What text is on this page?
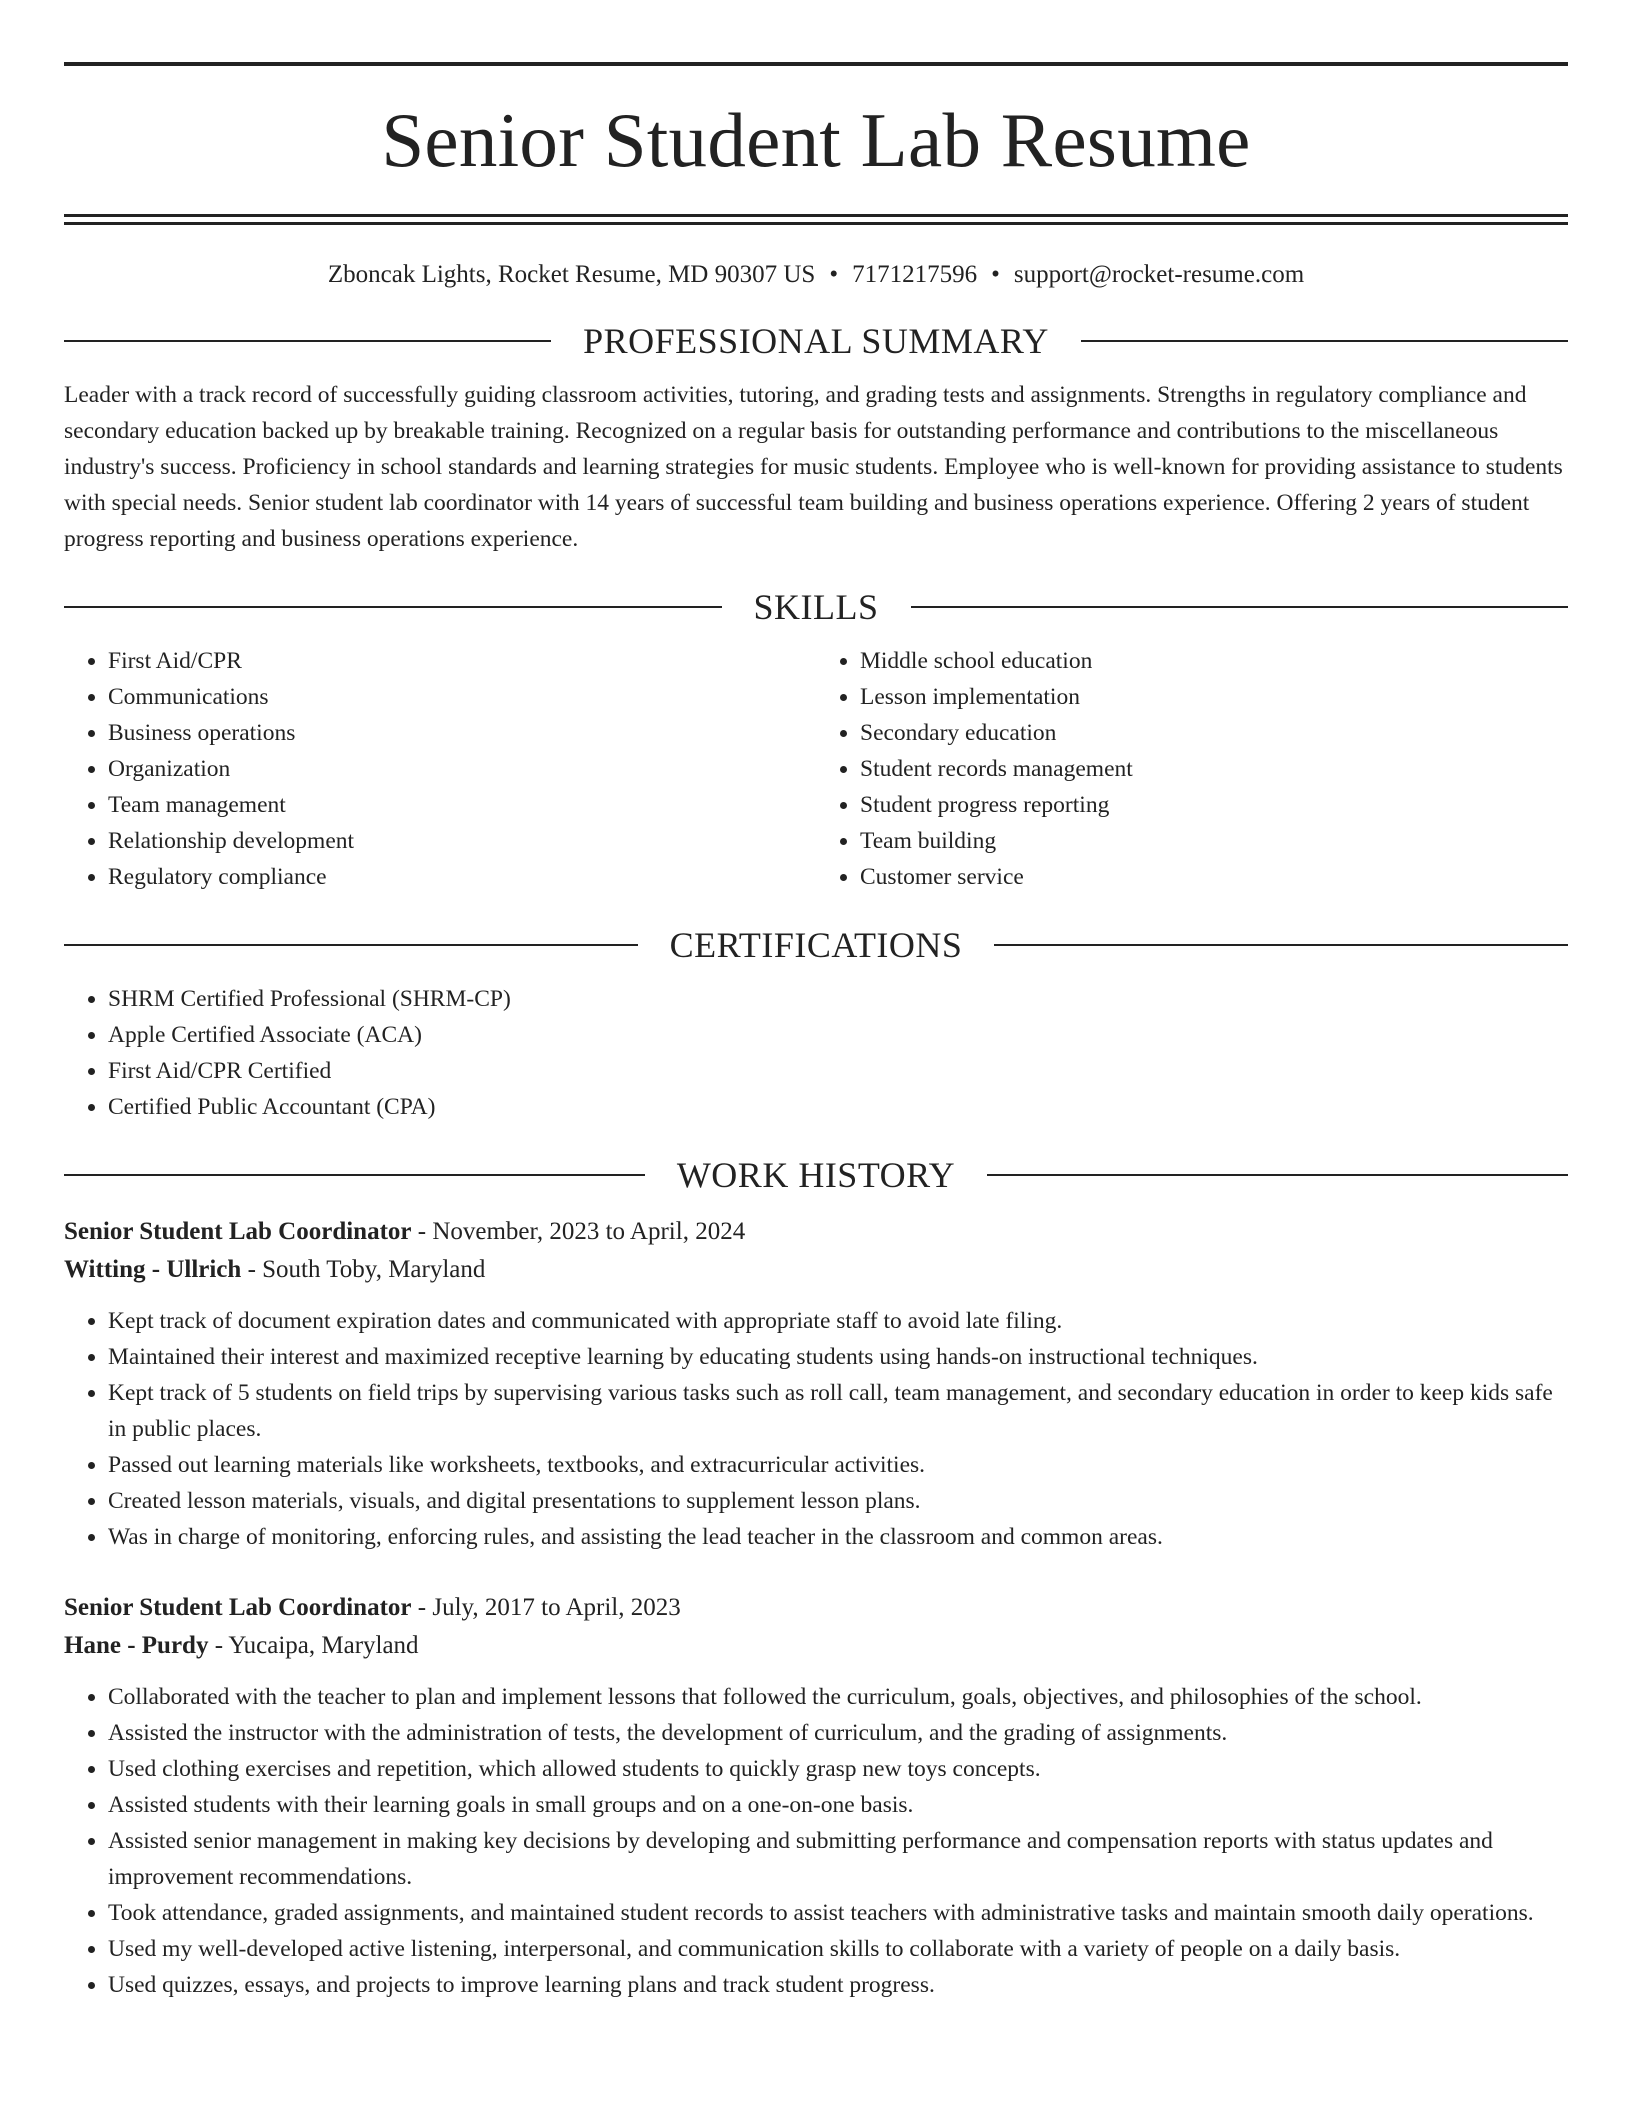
Senior Student Lab Resume
Zboncak Lights, Rocket Resume, MD 90307 US • 7171217596 • support@rocket-resume.com
PROFESSIONAL SUMMARY

Leader with a track record of successfully guiding classroom activities, tutoring, and grading tests and assignments. Strengths in regulatory compliance and secondary education backed up by breakable training. Recognized on a regular basis for outstanding performance and contributions to the miscellaneous industry's success. Proficiency in school standards and learning strategies for music students. Employee who is well-known for providing assistance to students with special needs. Senior student lab coordinator with 14 years of successful team building and business operations experience. Offering 2 years of student progress reporting and business operations experience.

SKILLS
• First Aid/CPR
• Communications
• Business operations
• Organization
• Team management
• Relationship development
• Regulatory compliance
• Middle school education
• Lesson implementation
• Secondary education
• Student records management
• Student progress reporting
• Team building
• Customer service
CERTIFICATIONS
• SHRM Certified Professional (SHRM-CP)
• Apple Certified Associate (ACA)
• First Aid/CPR Certified
• Certified Public Accountant (CPA)
WORK HISTORY
Senior Student Lab Coordinator - November, 2023 to April, 2024
Witting - Ullrich - South Toby, Maryland
• Kept track of document expiration dates and communicated with appropriate staff to avoid late filing.
• Maintained their interest and maximized receptive learning by educating students using hands-on instructional techniques.
• Kept track of 5 students on field trips by supervising various tasks such as roll call, team management, and secondary education in order to keep kids safe in public places.
• Passed out learning materials like worksheets, textbooks, and extracurricular activities.
• Created lesson materials, visuals, and digital presentations to supplement lesson plans.
• Was in charge of monitoring, enforcing rules, and assisting the lead teacher in the classroom and common areas.
Senior Student Lab Coordinator - July, 2017 to April, 2023
Hane - Purdy - Yucaipa, Maryland
• Collaborated with the teacher to plan and implement lessons that followed the curriculum, goals, objectives, and philosophies of the school.
• Assisted the instructor with the administration of tests, the development of curriculum, and the grading of assignments.
• Used clothing exercises and repetition, which allowed students to quickly grasp new toys concepts.
• Assisted students with their learning goals in small groups and on a one-on-one basis.
• Assisted senior management in making key decisions by developing and submitting performance and compensation reports with status updates and improvement recommendations.
• Took attendance, graded assignments, and maintained student records to assist teachers with administrative tasks and maintain smooth daily operations.
• Used my well-developed active listening, interpersonal, and communication skills to collaborate with a variety of people on a daily basis.
• Used quizzes, essays, and projects to improve learning plans and track student progress.
